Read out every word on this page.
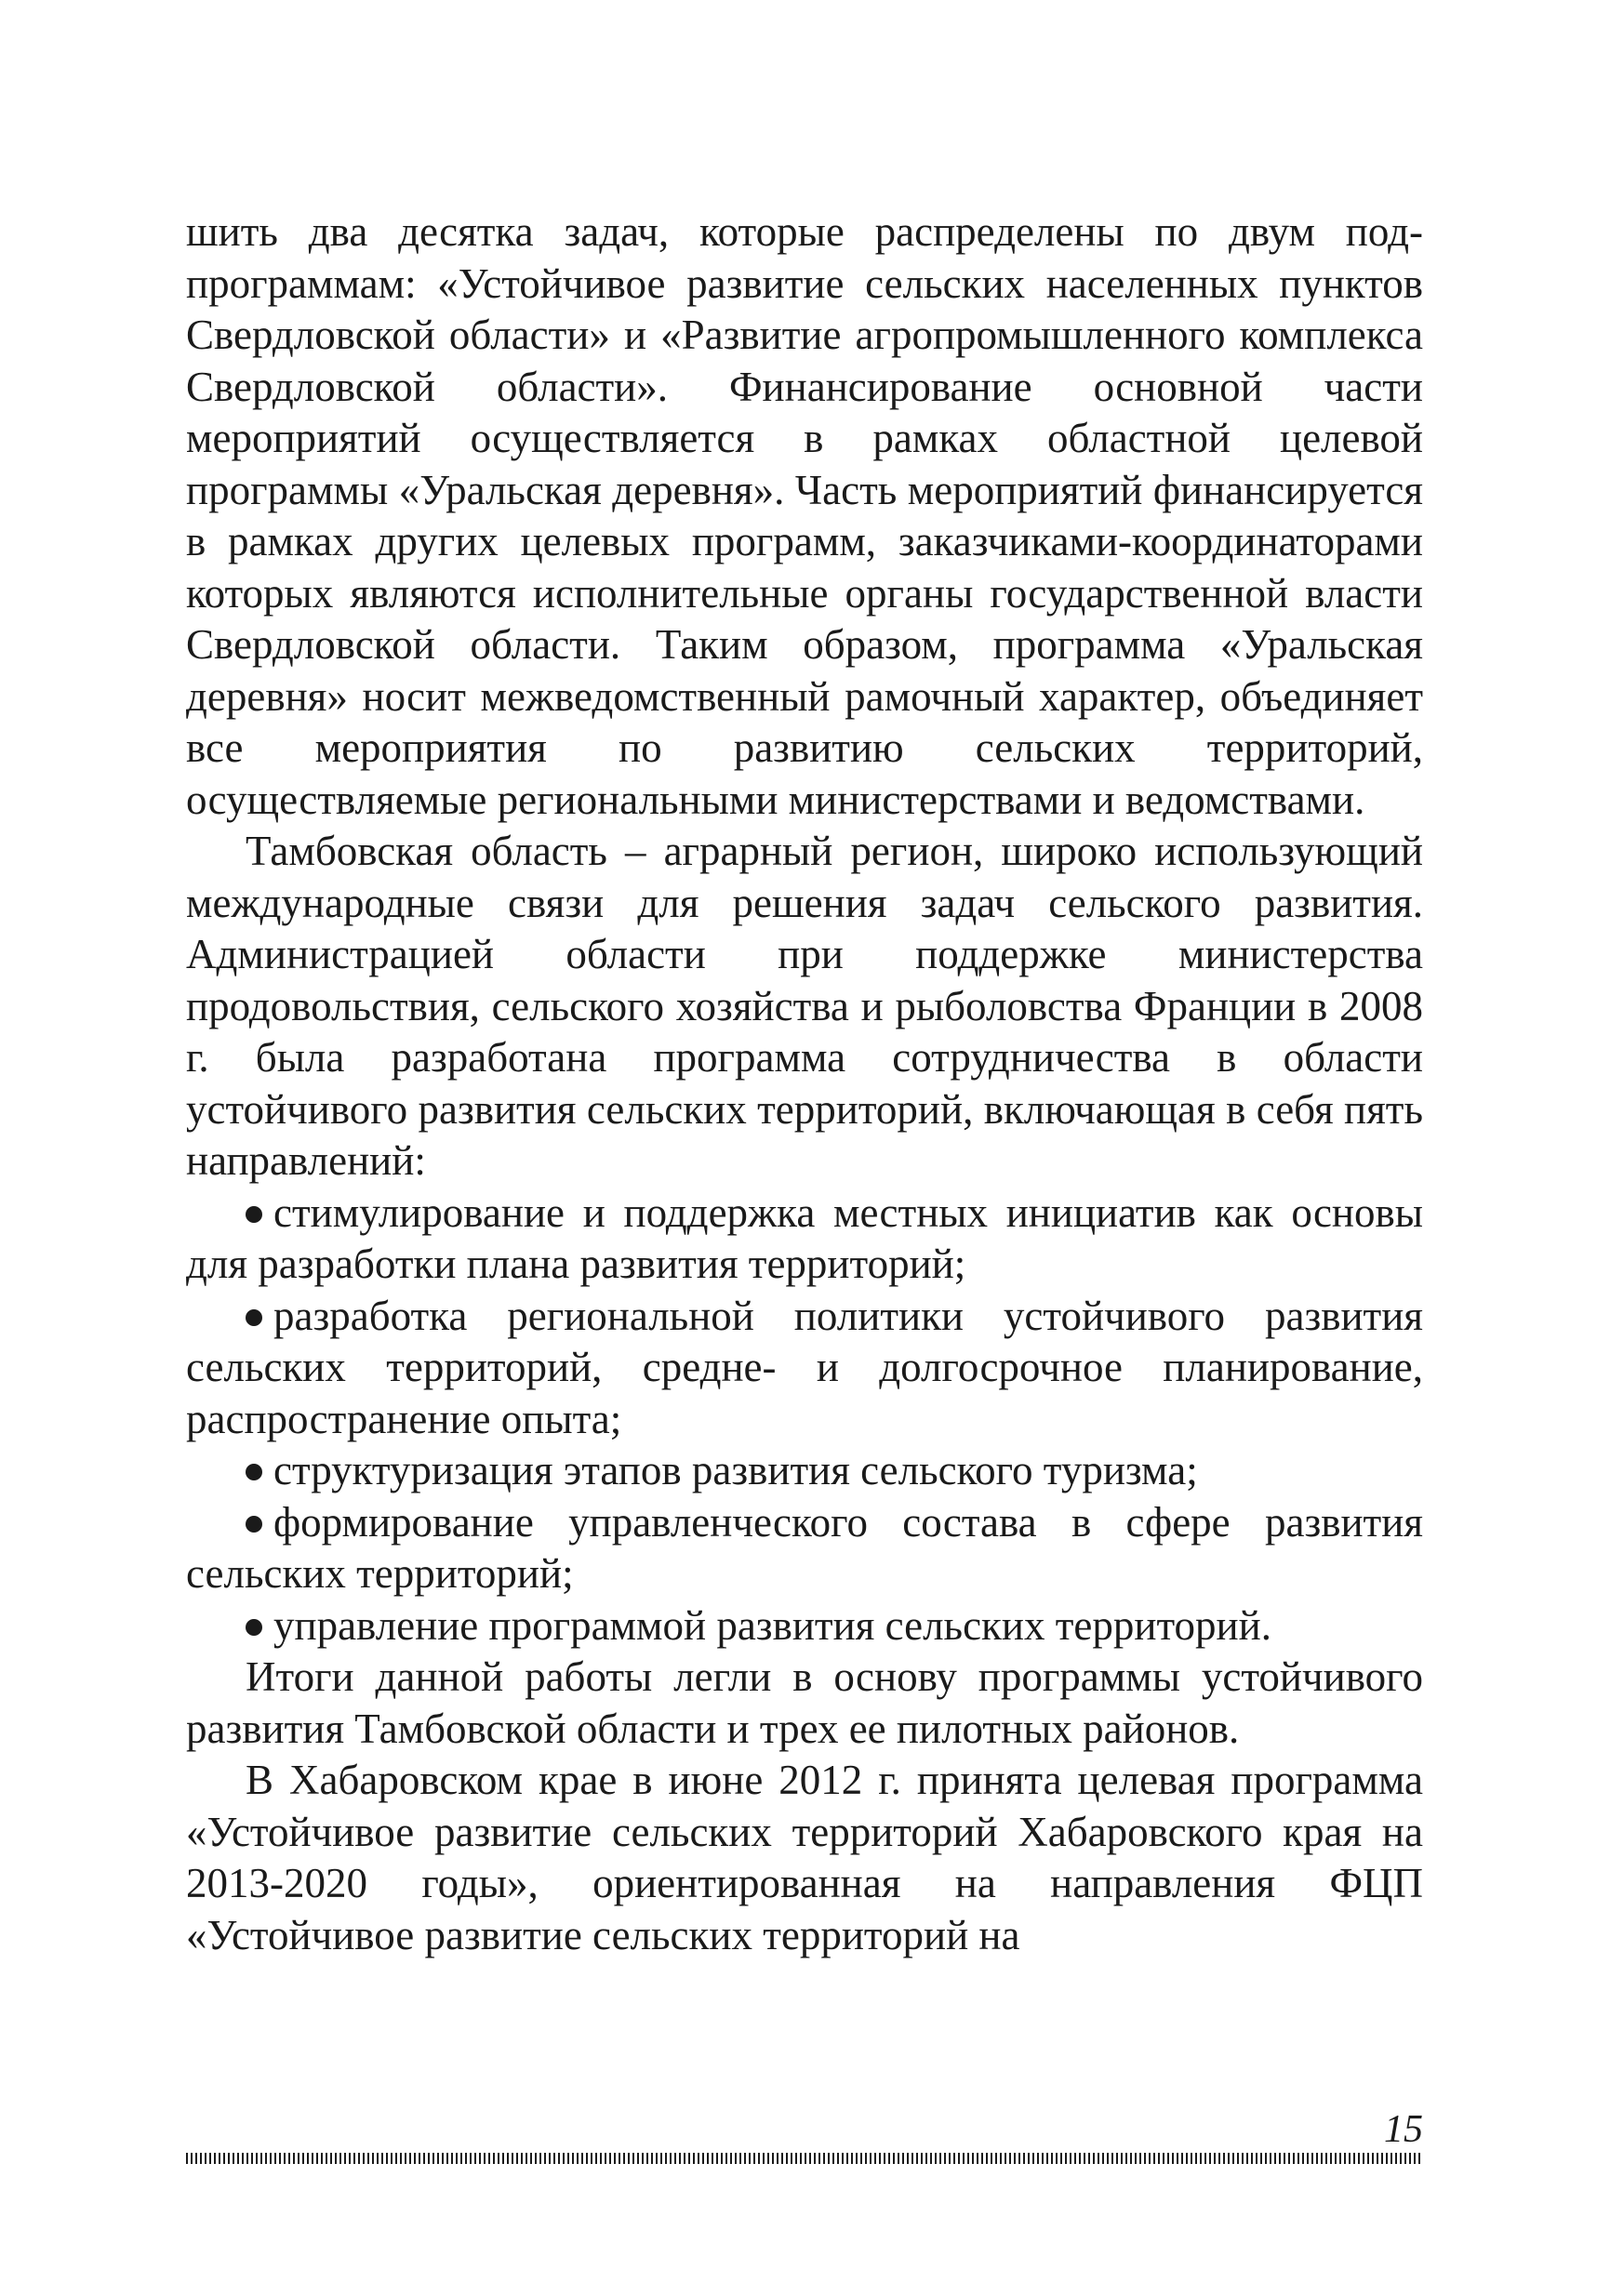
шить два десятка задач, которые распределены по двум подпрограммам: «Устойчивое развитие сельских населенных пунктов Свердловской области» и «Развитие агропромышленного комплекса Свердловской области». Финансирование основной части мероприятий осуществляется в рамках областной целевой программы «Уральская деревня». Часть мероприятий финансируется в рамках других целевых программ, заказчиками-координаторами которых являются исполнительные органы государственной власти Свердловской области. Таким образом, программа «Уральская деревня» носит межведомственный рамочный характер, объединяет все мероприятия по развитию сельских территорий, осуществляемые региональными министерствами и ведомствами.

Тамбовская область – аграрный регион, широко использующий международные связи для решения задач сельского развития. Администрацией области при поддержке министерства продовольствия, сельского хозяйства и рыболовства Франции в 2008 г. была разработана программа сотрудничества в области устойчивого развития сельских территорий, включающая в себя пять направлений:

стимулирование и поддержка местных инициатив как основы для разработки плана развития территорий;

разработка региональной политики устойчивого развития сельских территорий, средне- и долгосрочное планирование, распространение опыта;

структуризация этапов развития сельского туризма;

формирование управленческого состава в сфере развития сельских территорий;

управление программой развития сельских территорий.

Итоги данной работы легли в основу программы устойчивого развития Тамбовской области и трех ее пилотных районов.

В Хабаровском крае в июне 2012 г. принята целевая программа «Устойчивое развитие сельских территорий Хабаровского края на 2013-2020 годы», ориентированная на направления ФЦП «Устойчивое развитие сельских территорий на

15
